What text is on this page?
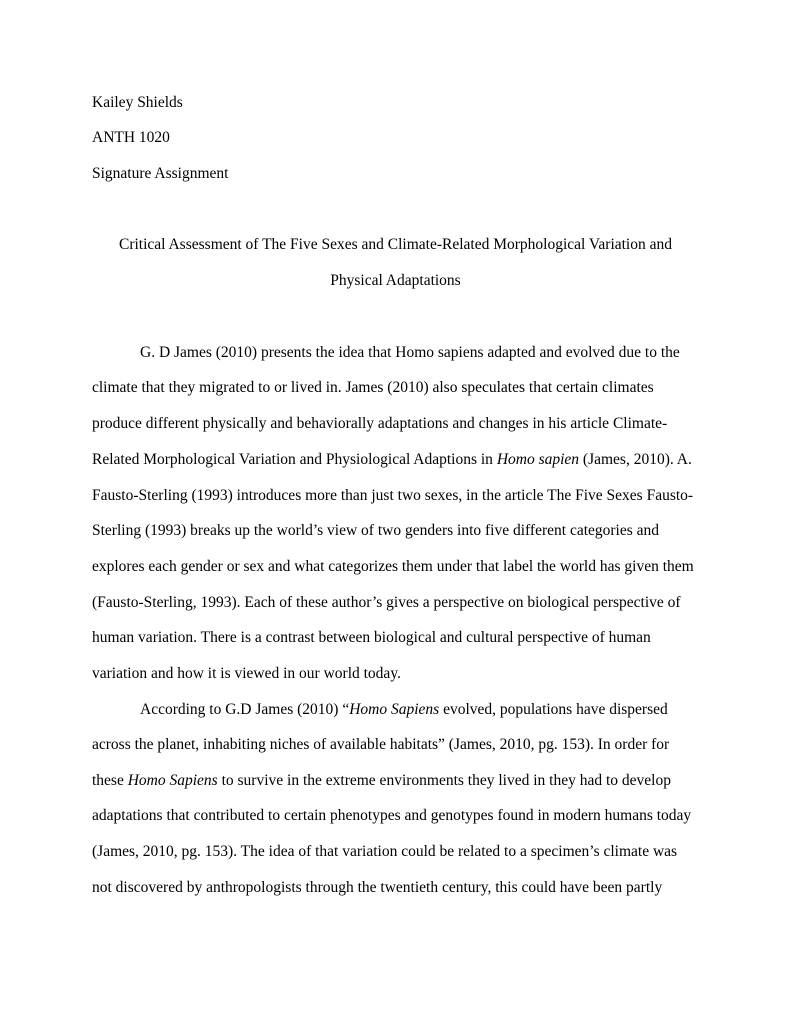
Kailey Shields
ANTH 1020
Signature Assignment
Critical Assessment of The Five Sexes and Climate-Related Morphological Variation and
Physical Adaptations
G. D James (2010) presents the idea that Homo sapiens adapted and evolved due to the
climate that they migrated to or lived in. James (2010) also speculates that certain climates
produce different physically and behaviorally adaptations and changes in his article Climate-
Related Morphological Variation and Physiological Adaptions in Homo sapien (James, 2010). A.
Fausto-Sterling (1993) introduces more than just two sexes, in the article The Five Sexes Fausto-
Sterling (1993) breaks up the world’s view of two genders into five different categories and
explores each gender or sex and what categorizes them under that label the world has given them
(Fausto-Sterling, 1993). Each of these author’s gives a perspective on biological perspective of
human variation. There is a contrast between biological and cultural perspective of human
variation and how it is viewed in our world today.
According to G.D James (2010) “Homo Sapiens evolved, populations have dispersed
across the planet, inhabiting niches of available habitats” (James, 2010, pg. 153). In order for
these Homo Sapiens to survive in the extreme environments they lived in they had to develop
adaptations that contributed to certain phenotypes and genotypes found in modern humans today
(James, 2010, pg. 153). The idea of that variation could be related to a specimen’s climate was
not discovered by anthropologists through the twentieth century, this could have been partly
